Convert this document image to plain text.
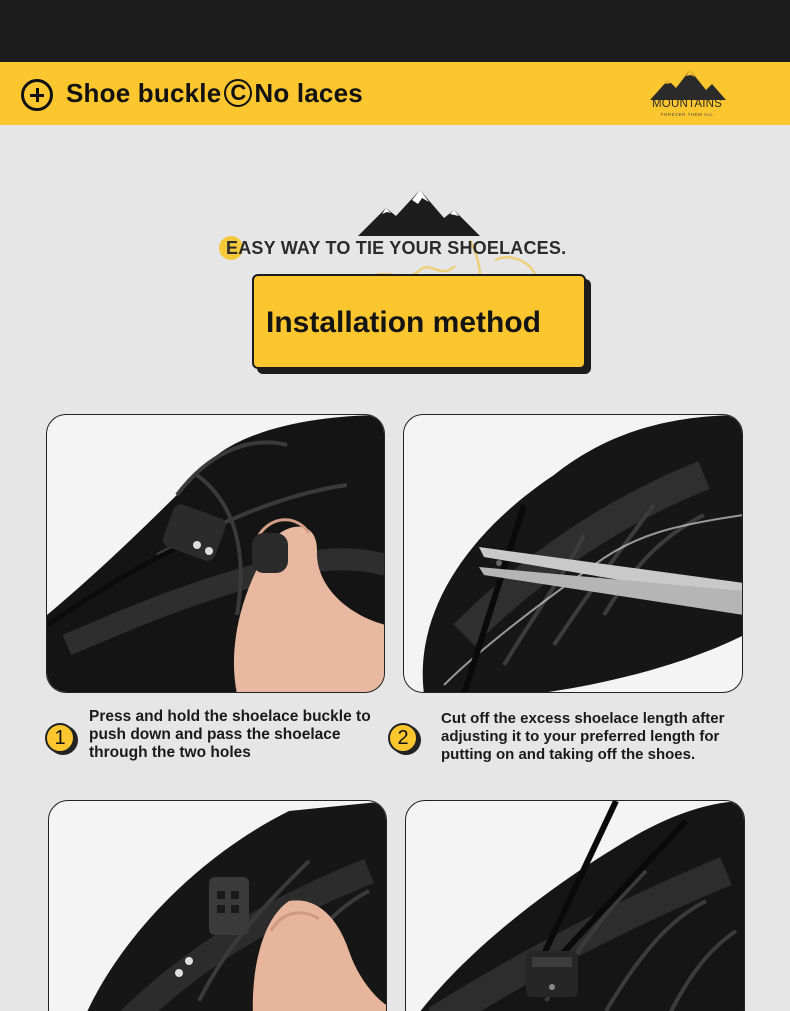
Shoe buckle C No laces	MOUNTAINS
FOREVER THEM ALL
EASY WAY TO TIE YOUR SHOELACES.
Installation method
1
Press and hold the shoelace buckle to push down and pass the shoelace through the two holes
2
Cut off the excess shoelace length after adjusting it to your preferred length for putting on and taking off the shoes.
